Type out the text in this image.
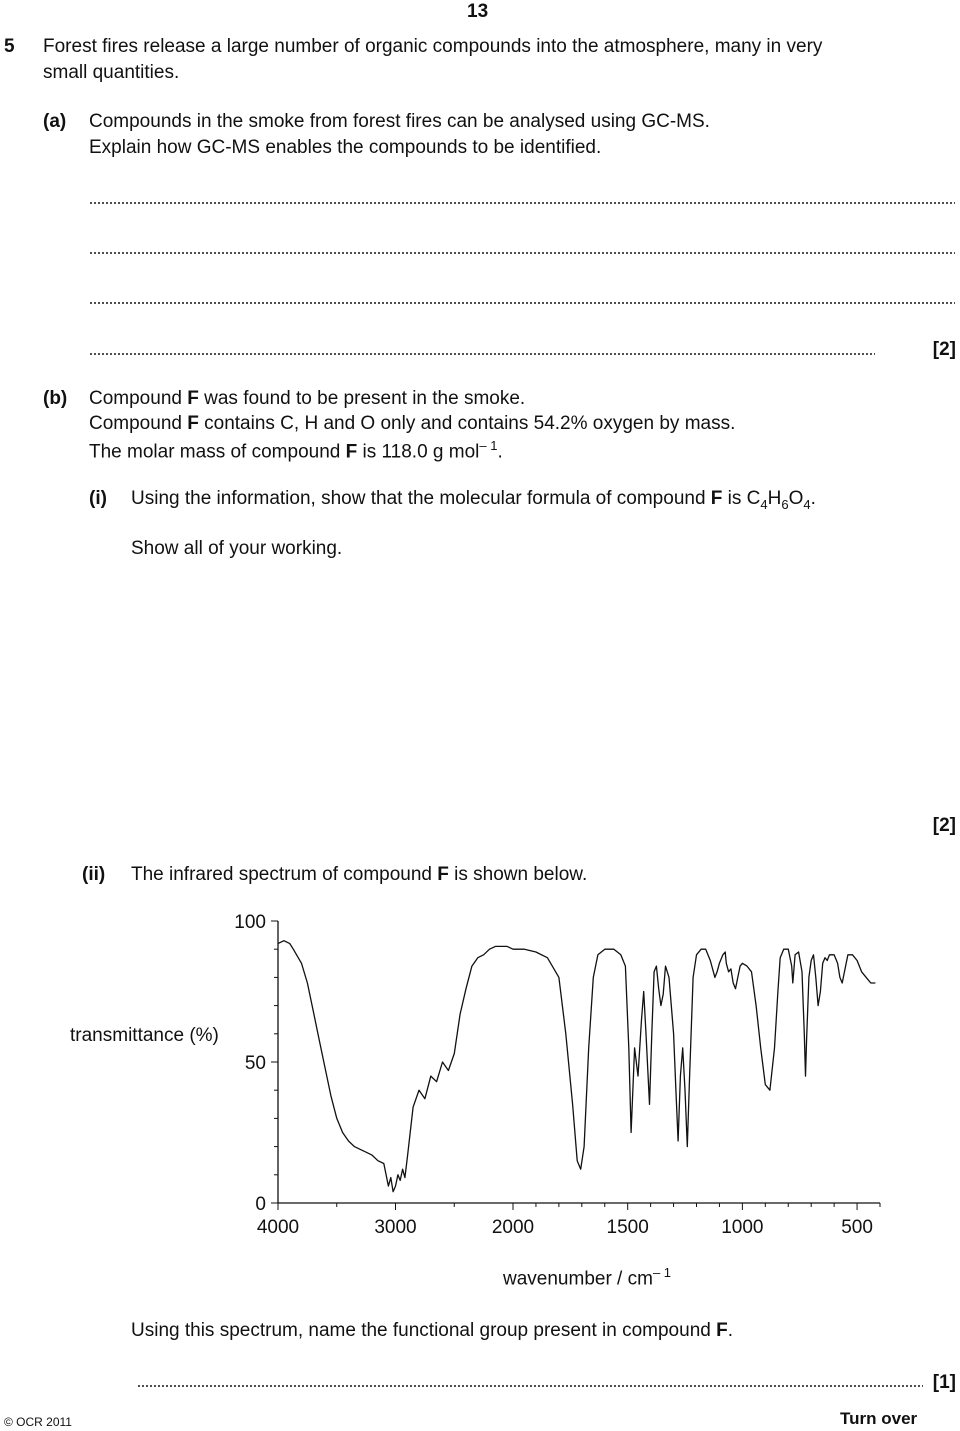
13
5 Forest fires release a large number of organic compounds into the atmosphere, many in very
small quantities.
(a) Compounds in the smoke from forest fires can be analysed using GC-MS.
Explain how GC-MS enables the compounds to be identified.
[2]
(b) Compound F was found to be present in the smoke.
Compound F contains C, H and O only and contains 54.2% oxygen by mass.
The molar mass of compound F is 118.0 g mol$^{- 1}$.
(i) Using the information, show that the molecular formula of compound F is $C_4H_6O_4$.
Show all of your working.
[2]
(ii) The infrared spectrum of compound F is shown below.
100
50
0
4000	3000	2000	1500	1000	500
transmittance (%)
wavenumber / $cm^{- 1}$
Using this spectrum, name the functional group present in compound F.
[1]
© OCR 2011	Turn over
